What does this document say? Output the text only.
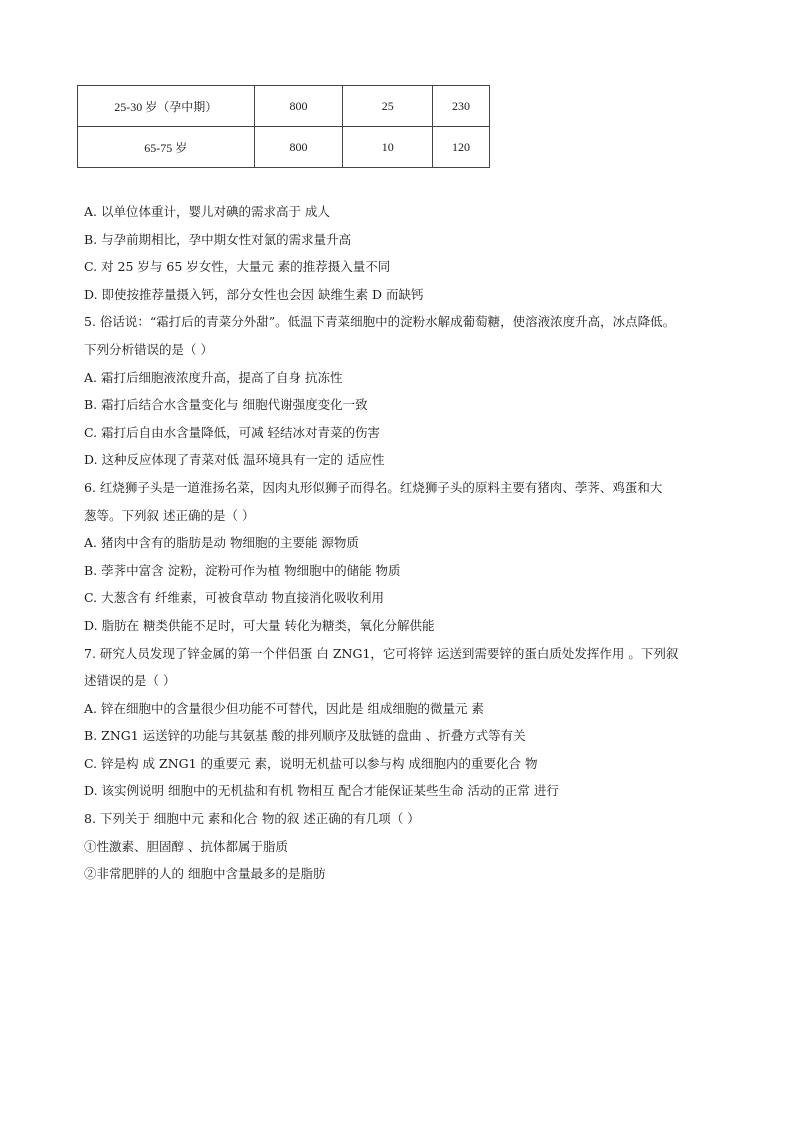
25-30 岁（孕中期）	800	25	230
65-75 岁	800	10	120
A. 以单位体重计，婴儿对碘的需求高于 成人
B. 与孕前期相比，孕中期女性对氯的需求量升高
C. 对 25 岁与 65 岁女性，大量元 素的推荐摄入量不同
D. 即使按推荐量摄入钙，部分女性也会因 缺维生素 D 而缺钙
5. 俗话说：“霜打后的青菜分外甜”。低温下青菜细胞中的淀粉水解成葡萄糖，使溶液浓度升高，冰点降低。
下列分析错误的是（ ）
A. 霜打后细胞液浓度升高，提高了自身 抗冻性
B. 霜打后结合水含量变化与 细胞代谢强度变化一致
C. 霜打后自由水含量降低，可减 轻结冰对青菜的伤害
D. 这种反应体现了青菜对低 温环境具有一定的 适应性
6. 红烧狮子头是一道淮扬名菜，因肉丸形似狮子而得名。红烧狮子头的原料主要有猪肉、荸荠、鸡蛋和大
葱等。下列叙 述正确的是（ ）
A. 猪肉中含有的脂肪是动 物细胞的主要能 源物质
B. 荸荠中富含 淀粉，淀粉可作为植 物细胞中的储能 物质
C. 大葱含有 纤维素，可被食草动 物直接消化吸收利用
D. 脂肪在 糖类供能不足时，可大量 转化为糖类，氧化分解供能
7. 研究人员发现了锌金属的第一个伴侣蛋 白 ZNG1，它可将锌 运送到需要锌的蛋白质处发挥作用 。下列叙
述错误的是（ ）
A. 锌在细胞中的含量很少但功能不可替代，因此是 组成细胞的微量元 素
B. ZNG1 运送锌的功能与其氨基 酸的排列顺序及肽链的盘曲 、折叠方式等有关
C. 锌是构 成 ZNG1 的重要元 素，说明无机盐可以参与构 成细胞内的重要化合 物
D. 该实例说明 细胞中的无机盐和有机 物相互 配合才能保证某些生命 活动的正常 进行
8. 下列关于 细胞中元 素和化合 物的叙 述正确的有几项（ ）
①性激素、胆固醇 、抗体都属于脂质
②非常肥胖的人的 细胞中含量最多的是脂肪
